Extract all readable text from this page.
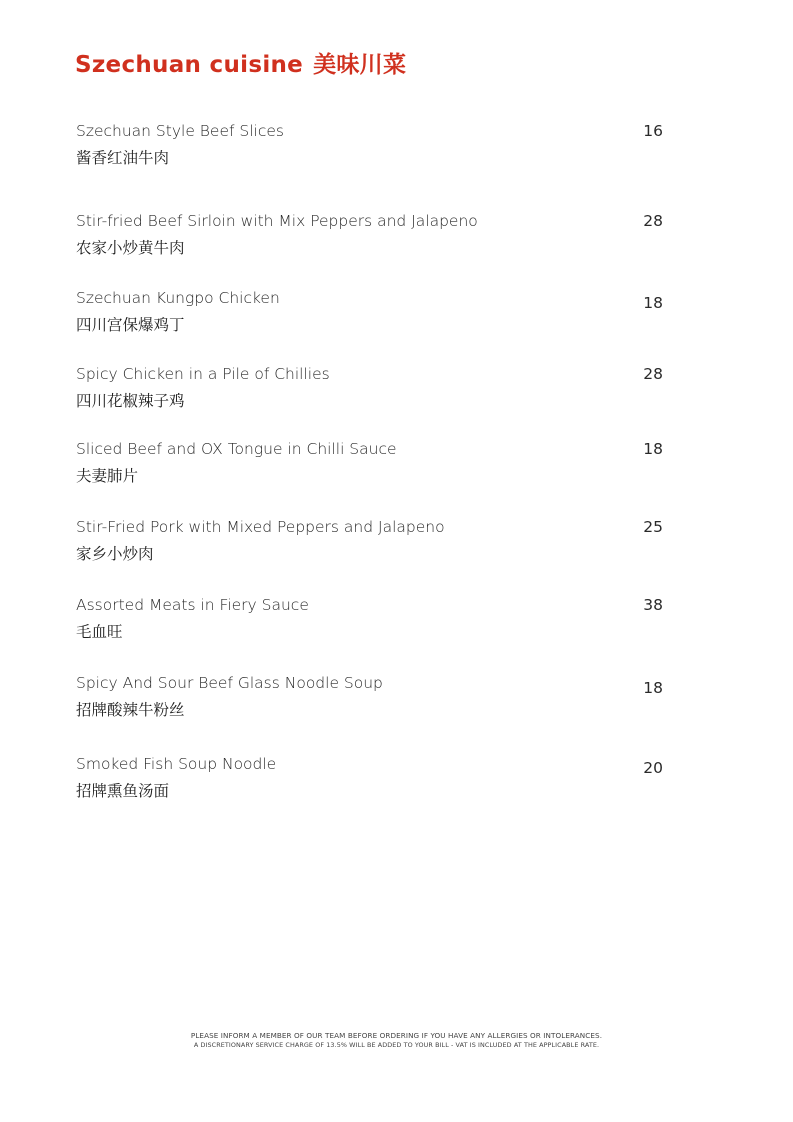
Szechuan cuisine 美味川菜
Szechuan Style Beef Slices
酱香红油牛肉
16
Stir-fried Beef Sirloin with Mix Peppers and Jalapeno
农家小炒黄牛肉
28
Szechuan Kungpo Chicken
四川宫保爆鸡丁
18
Spicy Chicken in a Pile of Chillies
四川花椒辣子鸡
28
Sliced Beef and OX Tongue in Chilli Sauce
夫妻肺片
18
Stir-Fried Pork with Mixed Peppers and Jalapeno
家乡小炒肉
25
Assorted Meats in Fiery Sauce
毛血旺
38
Spicy And Sour Beef Glass Noodle Soup
招牌酸辣牛粉丝
18
Smoked Fish Soup Noodle
招牌熏鱼汤面
20
PLEASE INFORM A MEMBER OF OUR TEAM BEFORE ORDERING IF YOU HAVE ANY ALLERGIES OR INTOLERANCES.
A DISCRETIONARY SERVICE CHARGE OF 13.5% WILL BE ADDED TO YOUR BILL - VAT IS INCLUDED AT THE APPLICABLE RATE.
